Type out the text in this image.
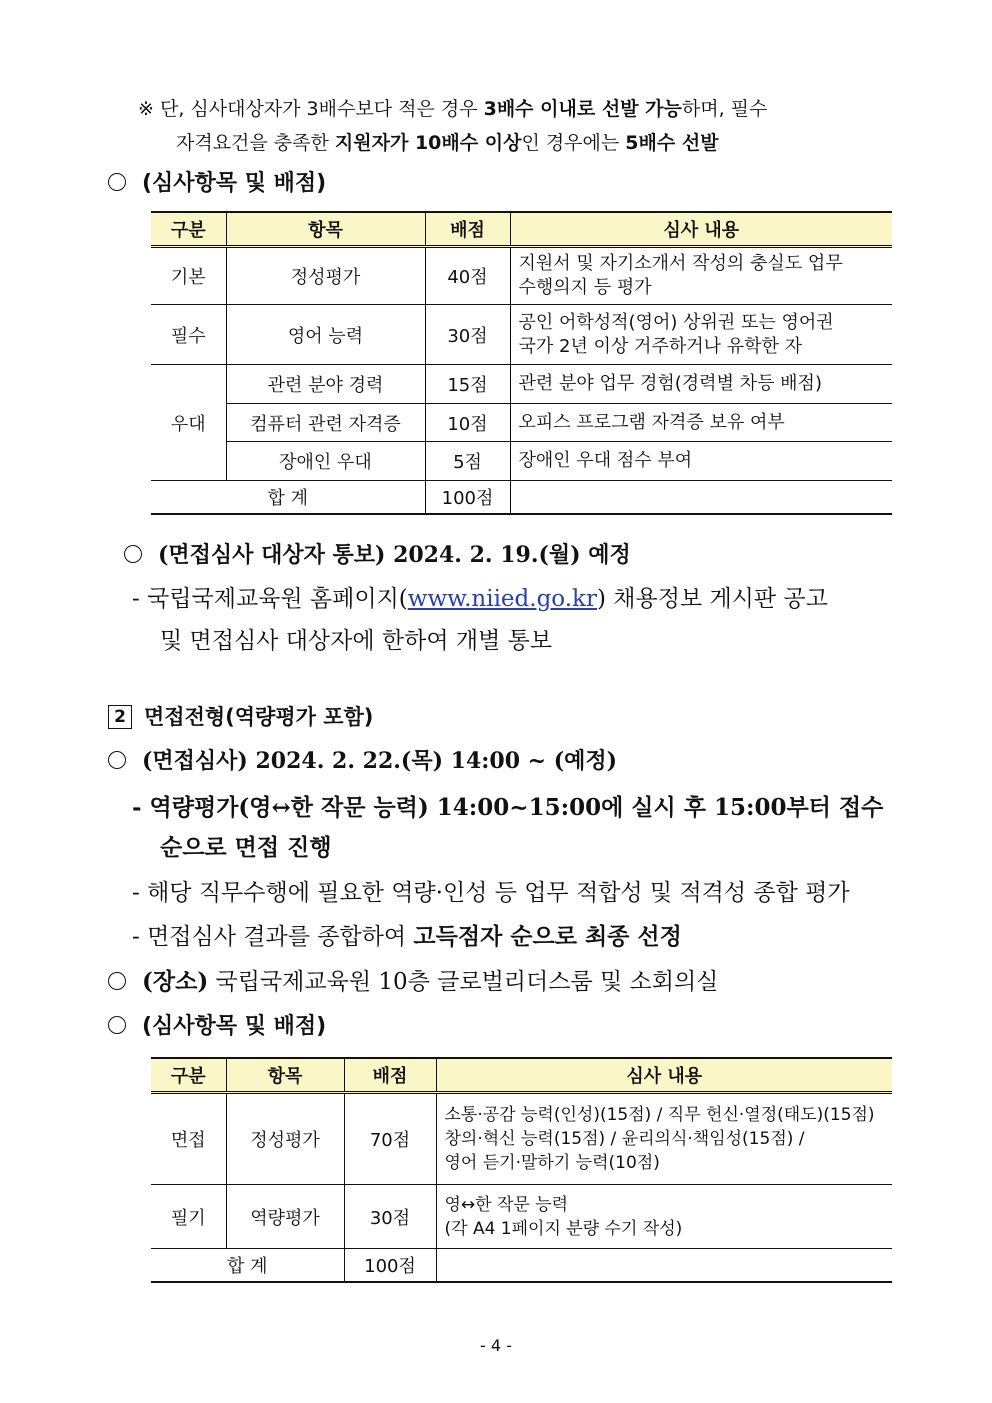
※ 단, 심사대상자가 3배수보다 적은 경우 3배수 이내로 선발 가능하며, 필수
자격요건을 충족한 지원자가 10배수 이상인 경우에는 5배수 선발
(심사항목 및 배점)
구분	항목	배점	심사 내용
기본	정성평가	40점	지원서 및 자기소개서 작성의 충실도 업무
수행의지 등 평가

필수	영어 능력	30점	공인 어학성적(영어) 상위권 또는 영어권
국가 2년 이상 거주하거나 유학한 자

우대	관련 분야 경력	15점	관련 분야 업무 경험(경력별 차등 배점)
	컴퓨터 관련 자격증	10점	오피스 프로그램 자격증 보유 여부
	장애인 우대	5점	장애인 우대 점수 부여
합 계		100점	
(면접심사 대상자 통보) 2024. 2. 19.(월) 예정
- 국립국제교육원 홈페이지(www.niied.go.kr) 채용정보 게시판 공고
및 면접심사 대상자에 한하여 개별 통보
2 면접전형(역량평가 포함)
(면접심사) 2024. 2. 22.(목) 14:00 ~ (예정)
- 역량평가(영↔한 작문 능력) 14:00~15:00에 실시 후 15:00부터 접수
순으로 면접 진행
- 해당 직무수행에 필요한 역량·인성 등 업무 적합성 및 적격성 종합 평가
- 면접심사 결과를 종합하여 고득점자 순으로 최종 선정
(장소) 국립국제교육원 10층 글로벌리더스룸 및 소회의실
(심사항목 및 배점)
구분	항목	배점	심사 내용
면접	정성평가	70점	소통·공감 능력(인성)(15점) / 직무 헌신·열정(태도)(15점)
창의·혁신 능력(15점) / 윤리의식·책임성(15점) /
영어 듣기·말하기 능력(10점)

필기	역량평가	30점	영↔한 작문 능력
(각 A4 1페이지 분량 수기 작성)

합 계		100점	
- 4 -
